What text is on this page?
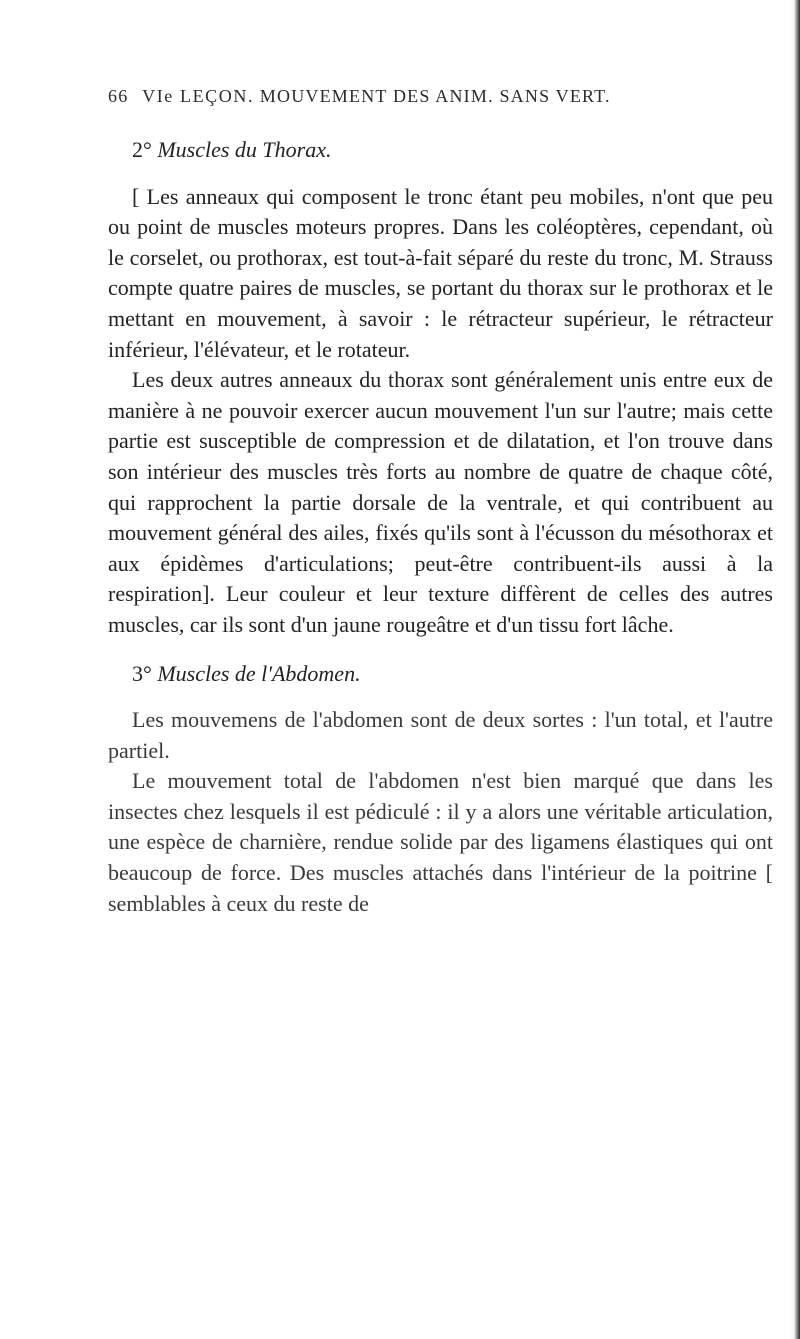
66 VIe LEÇON. MOUVEMENT DES ANIM. SANS VERT.

2° Muscles du Thorax.

[ Les anneaux qui composent le tronc étant peu mobiles, n'ont que peu ou point de muscles moteurs propres. Dans les coléoptères, cependant, où le corselet, ou prothorax, est tout-à-fait séparé du reste du tronc, M. Strauss compte quatre paires de muscles, se portant du thorax sur le prothorax et le mettant en mouvement, à savoir : le rétracteur supérieur, le rétracteur inférieur, l'élévateur, et le rotateur.

Les deux autres anneaux du thorax sont généralement unis entre eux de manière à ne pouvoir exercer aucun mouvement l'un sur l'autre; mais cette partie est susceptible de compression et de dilatation, et l'on trouve dans son intérieur des muscles très forts au nombre de quatre de chaque côté, qui rapprochent la partie dorsale de la ventrale, et qui contribuent au mouvement général des ailes, fixés qu'ils sont à l'écusson du mésothorax et aux épidèmes d'articulations; peut-être contribuent-ils aussi à la respiration]. Leur couleur et leur texture diffèrent de celles des autres muscles, car ils sont d'un jaune rougeâtre et d'un tissu fort lâche.

3° Muscles de l'Abdomen.

Les mouvemens de l'abdomen sont de deux sortes : l'un total, et l'autre partiel.

Le mouvement total de l'abdomen n'est bien marqué que dans les insectes chez lesquels il est pédiculé : il y a alors une véritable articulation, une espèce de charnière, rendue solide par des ligamens élastiques qui ont beaucoup de force. Des muscles attachés dans l'intérieur de la poitrine [ semblables à ceux du reste de
